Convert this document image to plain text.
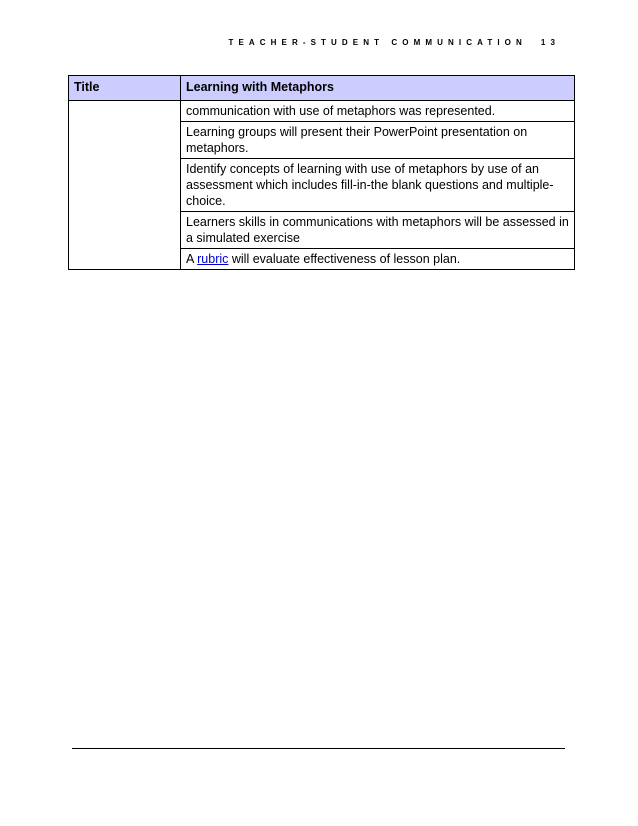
TEACHER-STUDENT COMMUNICATION 13
Title	Learning with Metaphors
	communication with use of metaphors was represented.
	Learning groups will present their PowerPoint presentation on metaphors.
	Identify concepts of learning with use of metaphors by use of an assessment which includes fill-in-the blank questions and multiple-choice.
	Learners skills in communications with metaphors will be assessed in a simulated exercise
	A rubric will evaluate effectiveness of lesson plan.
